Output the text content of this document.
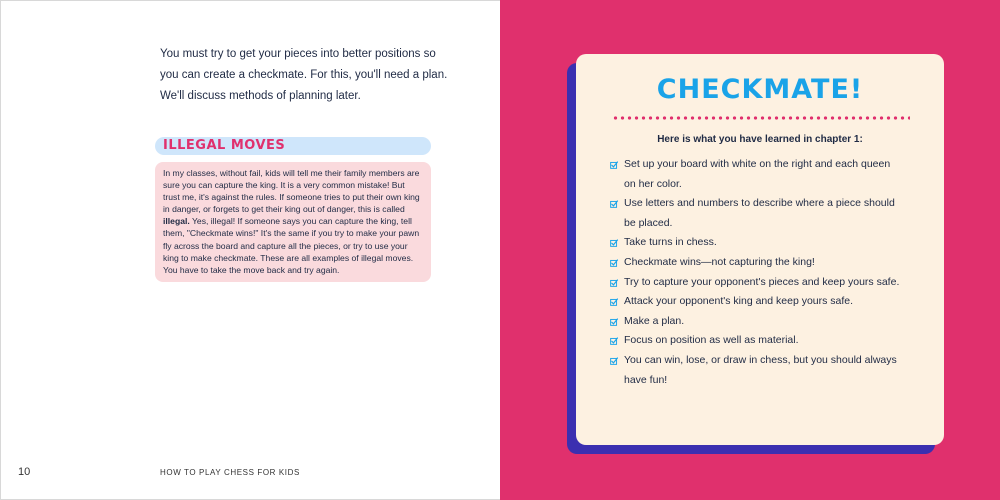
You must try to get your pieces into better positions so

you can create a checkmate. For this, you'll need a plan.

We'll discuss methods of planning later.

ILLEGAL MOVES
In my classes, without fail, kids will tell me their family members are sure you can capture the king. It is a very common mistake! But trust me, it's against the rules. If someone tries to put their own king in danger, or forgets to get their king out of danger, this is called illegal. Yes, illegal! If someone says you can capture the king, tell them, "Checkmate wins!" It's the same if you try to make your pawn fly across the board and capture all the pieces, or try to use your king to make checkmate. These are all examples of illegal moves. You have to take the move back and try again.
10	HOW TO PLAY CHESS FOR KIDS
CHECKMATE!
Here is what you have learned in chapter 1:
Set up your board with white on the right and each queen
on her color.
Use letters and numbers to describe where a piece should
be placed.
Take turns in chess.
Checkmate wins—not capturing the king!
Try to capture your opponent's pieces and keep yours safe.
Attack your opponent's king and keep yours safe.
Make a plan.
Focus on position as well as material.
You can win, lose, or draw in chess, but you should always
have fun!
